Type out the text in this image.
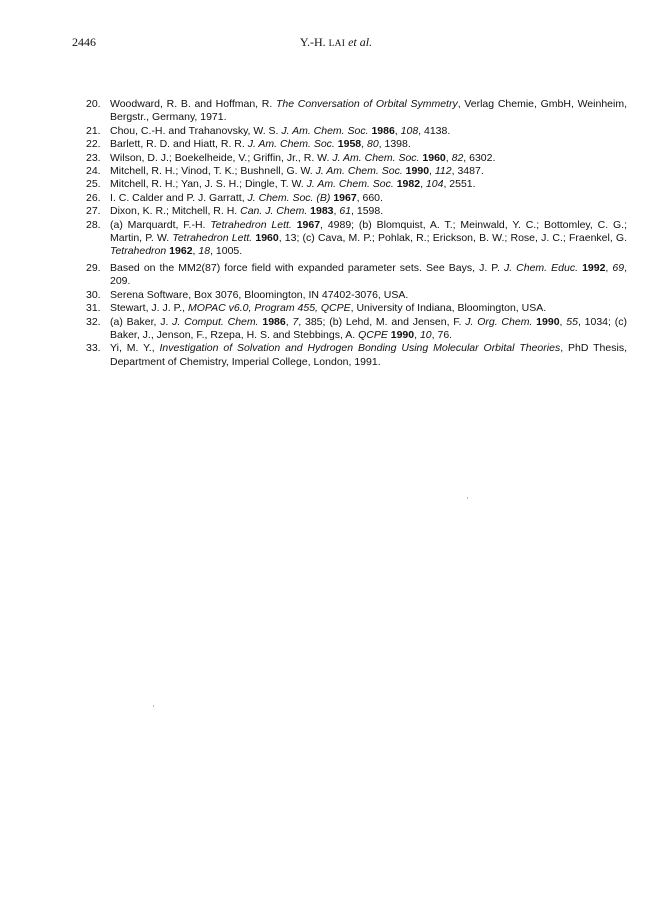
2446	Y.-H. LAI et al.
20. Woodward, R. B. and Hoffman, R. The Conversation of Orbital Symmetry, Verlag Chemie, GmbH, Weinheim, Bergstr., Germany, 1971.
21. Chou, C.-H. and Trahanovsky, W. S. J. Am. Chem. Soc. 1986, 108, 4138.
22. Barlett, R. D. and Hiatt, R. R. J. Am. Chem. Soc. 1958, 80, 1398.
23. Wilson, D. J.; Boekelheide, V.; Griffin, Jr., R. W. J. Am. Chem. Soc. 1960, 82, 6302.
24. Mitchell, R. H.; Vinod, T. K.; Bushnell, G. W. J. Am. Chem. Soc. 1990, 112, 3487.
25. Mitchell, R. H.; Yan, J. S. H.; Dingle, T. W. J. Am. Chem. Soc. 1982, 104, 2551.
26. I. C. Calder and P. J. Garratt, J. Chem. Soc. (B) 1967, 660.
27. Dixon, K. R.; Mitchell, R. H. Can. J. Chem. 1983, 61, 1598.
28. (a) Marquardt, F.-H. Tetrahedron Lett. 1967, 4989; (b) Blomquist, A. T.; Meinwald, Y. C.; Bottomley, C. G.; Martin, P. W. Tetrahedron Lett. 1960, 13; (c) Cava, M. P.; Pohlak, R.; Erickson, B. W.; Rose, J. C.; Fraenkel, G. Tetrahedron 1962, 18, 1005.
29. Based on the MM2(87) force field with expanded parameter sets. See Bays, J. P. J. Chem. Educ. 1992, 69, 209.
30. Serena Software, Box 3076, Bloomington, IN 47402-3076, USA.
31. Stewart, J. J. P., MOPAC v6.0, Program 455, QCPE, University of Indiana, Bloomington, USA.
32. (a) Baker, J. J. Comput. Chem. 1986, 7, 385; (b) Lehd, M. and Jensen, F. J. Org. Chem. 1990, 55, 1034; (c) Baker, J., Jenson, F., Rzepa, H. S. and Stebbings, A. QCPE 1990, 10, 76.
33. Yi, M. Y., Investigation of Solvation and Hydrogen Bonding Using Molecular Orbital Theories, PhD Thesis, Department of Chemistry, Imperial College, London, 1991.
